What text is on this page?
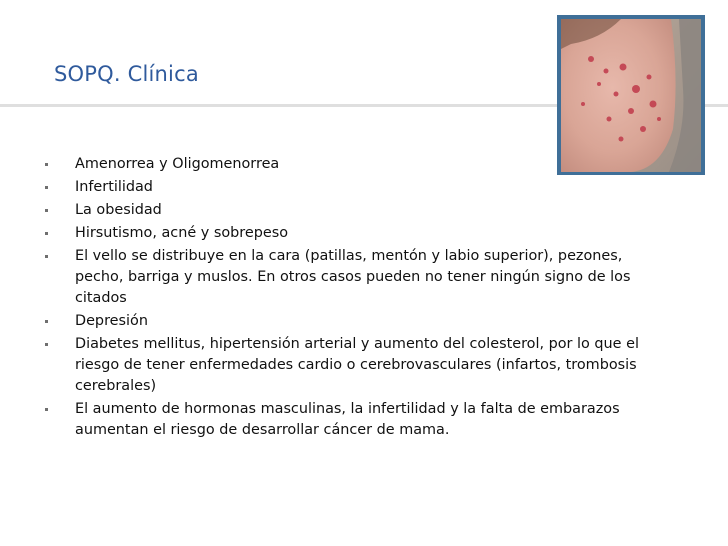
SOPQ. Clínica
Amenorrea y Oligomenorrea
Infertilidad
La obesidad
Hirsutismo, acné y sobrepeso
El vello se distribuye en la cara (patillas, mentón y labio superior), pezones, pecho, barriga y muslos. En otros casos pueden no tener ningún signo de los citados
Depresión
Diabetes mellitus, hipertensión arterial y aumento del colesterol, por lo que el riesgo de tener enfermedades cardio o cerebrovasculares (infartos, trombosis cerebrales)
El aumento de hormonas masculinas, la infertilidad y la falta de embarazos aumentan el riesgo de desarrollar cáncer de mama.
